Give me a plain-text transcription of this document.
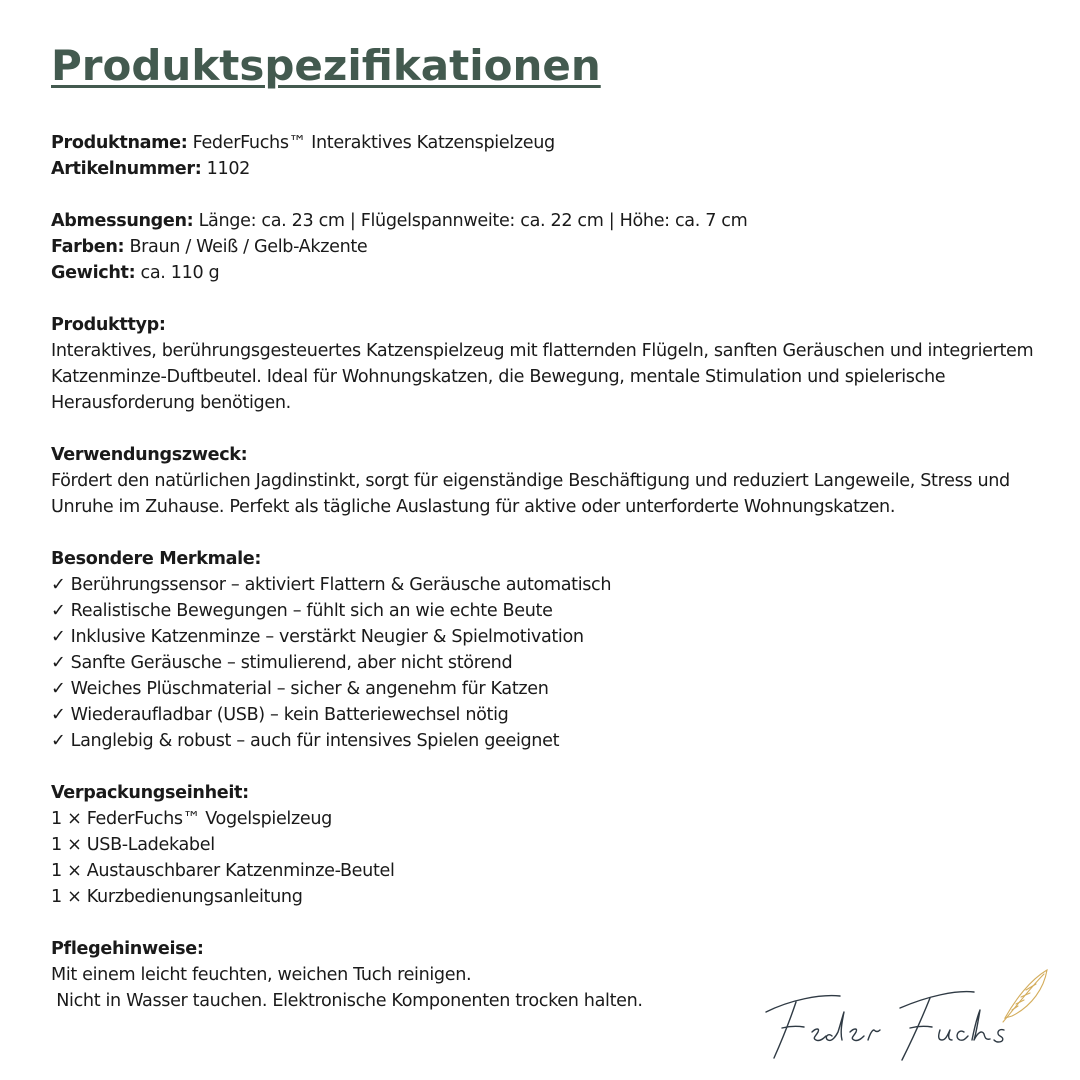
Produktspezifikationen
Produktname: FederFuchs™ Interaktives Katzenspielzeug
Artikelnummer: 1102
Abmessungen: Länge: ca. 23 cm | Flügelspannweite: ca. 22 cm | Höhe: ca. 7 cm
Farben: Braun / Weiß / Gelb-Akzente
Gewicht: ca. 110 g
Produkttyp:
Interaktives, berührungsgesteuertes Katzenspielzeug mit flatternden Flügeln, sanften Geräuschen und integriertem Katzenminze-Duftbeutel. Ideal für Wohnungskatzen, die Bewegung, mentale Stimulation und spielerische Herausforderung benötigen.
Verwendungszweck:
Fördert den natürlichen Jagdinstinkt, sorgt für eigenständige Beschäftigung und reduziert Langeweile, Stress und Unruhe im Zuhause. Perfekt als tägliche Auslastung für aktive oder unterforderte Wohnungskatzen.
Besondere Merkmale:
✓ Berührungssensor – aktiviert Flattern & Geräusche automatisch
✓ Realistische Bewegungen – fühlt sich an wie echte Beute
✓ Inklusive Katzenminze – verstärkt Neugier & Spielmotivation
✓ Sanfte Geräusche – stimulierend, aber nicht störend
✓ Weiches Plüschmaterial – sicher & angenehm für Katzen
✓ Wiederaufladbar (USB) – kein Batteriewechsel nötig
✓ Langlebig & robust – auch für intensives Spielen geeignet
Verpackungseinheit:
1 × FederFuchs™ Vogelspielzeug
1 × USB-Ladekabel
1 × Austauschbarer Katzenminze-Beutel
1 × Kurzbedienungsanleitung
Pflegehinweise:
Mit einem leicht feuchten, weichen Tuch reinigen.
Nicht in Wasser tauchen. Elektronische Komponenten trocken halten.
